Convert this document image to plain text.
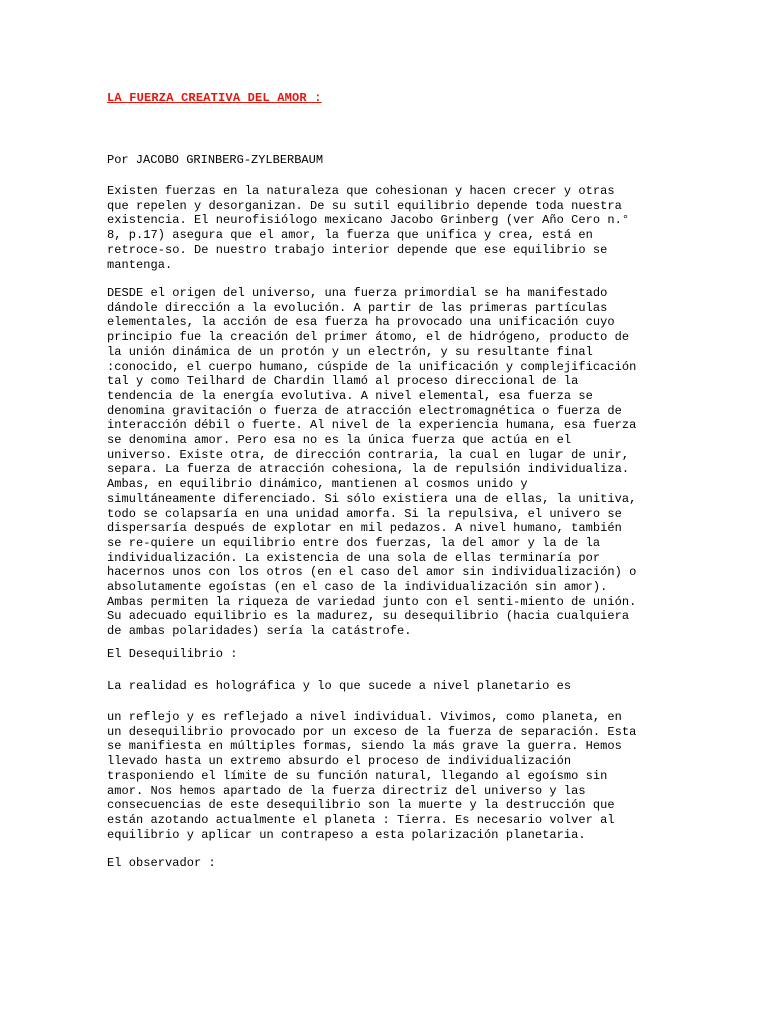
LA FUERZA CREATIVA DEL AMOR :

Por JACOBO GRINBERG-ZYLBERBAUM

Existen fuerzas en la naturaleza que cohesionan y hacen crecer y otras
que repelen y desorganizan. De su sutil equilibrio depende toda nuestra
existencia. El neurofisiólogo mexicano Jacobo Grinberg (ver Año Cero n.°
8, p.17) asegura que el amor, la fuerza que unifica y crea, está en
retroce-so. De nuestro trabajo interior depende que ese equilibrio se
mantenga.

DESDE el origen del universo, una fuerza primordial se ha manifestado
dándole dirección a la evolución. A partir de las primeras partículas
elementales, la acción de esa fuerza ha provocado una unificación cuyo
principio fue la creación del primer átomo, el de hidrógeno, producto de
la unión dinámica de un protón y un electrón, y su resultante final
:conocido, el cuerpo humano, cúspide de la unificación y complejificación
tal y como Teilhard de Chardin llamó al proceso direccional de la
tendencia de la energía evolutiva. A nivel elemental, esa fuerza se
denomina gravitación o fuerza de atracción electromagnética o fuerza de
interacción débil o fuerte. Al nivel de la experiencia humana, esa fuerza
se denomina amor. Pero esa no es la única fuerza que actúa en el
universo. Existe otra, de dirección contraria, la cual en lugar de unir,
separa. La fuerza de atracción cohesiona, la de repulsión individualiza.
Ambas, en equilibrio dinámico, mantienen al cosmos unido y
simultáneamente diferenciado. Si sólo existiera una de ellas, la unitiva,
todo se colapsaría en una unidad amorfa. Si la repulsiva, el univero se
dispersaría después de explotar en mil pedazos. A nivel humano, también
se re-quiere un equilibrio entre dos fuerzas, la del amor y la de la
individualización. La existencia de una sola de ellas terminaría por
hacernos unos con los otros (en el caso del amor sin individualización) o
absolutamente egoístas (en el caso de la individualización sin amor).
Ambas permiten la riqueza de variedad junto con el senti-miento de unión.
Su adecuado equilibrio es la madurez, su desequilibrio (hacia cualquiera
de ambas polaridades) sería la catástrofe.

El Desequilibrio :

La realidad es holográfica y lo que sucede a nivel planetario es

un reflejo y es reflejado a nivel individual. Vivimos, como planeta, en
un desequilibrio provocado por un exceso de la fuerza de separación. Esta
se manifiesta en múltiples formas, siendo la más grave la guerra. Hemos
llevado hasta un extremo absurdo el proceso de individualización
trasponiendo el límite de su función natural, llegando al egoísmo sin
amor. Nos hemos apartado de la fuerza directriz del universo y las
consecuencias de este desequilibrio son la muerte y la destrucción que
están azotando actualmente el planeta : Tierra. Es necesario volver al
equilibrio y aplicar un contrapeso a esta polarización planetaria.

El observador :
